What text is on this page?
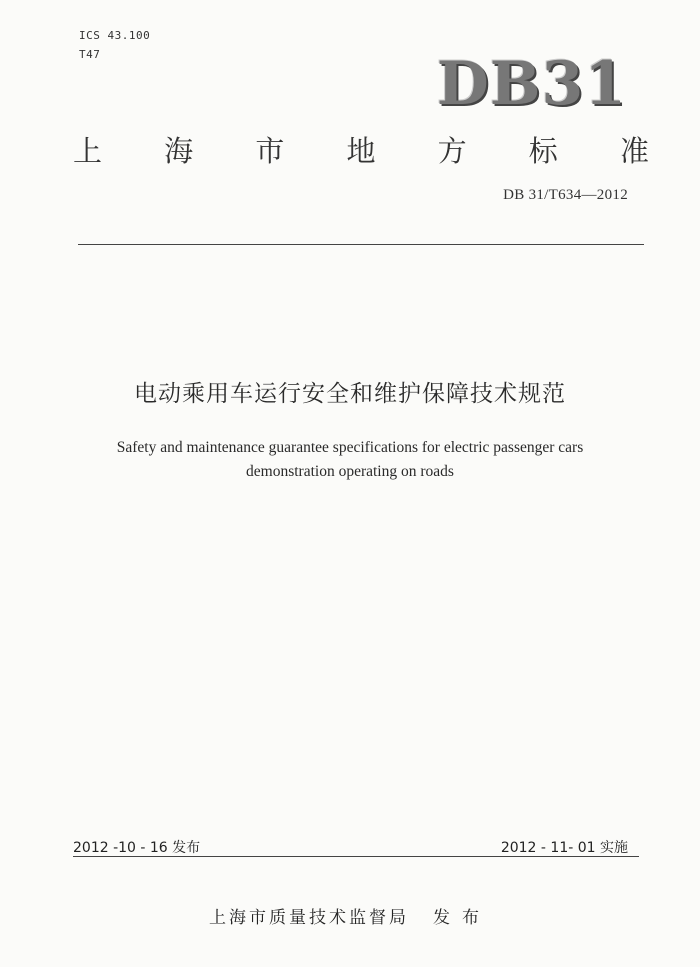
ICS 43.100
T47	DB31
上 海 市 地 方 标 准
DB 31/T634—2012
电动乘用车运行安全和维护保障技术规范
Safety and maintenance guarantee specifications for electric passenger cars
demonstration operating on roads
2012 -10 - 16 发布	2012 - 11- 01 实施
上海市质量技术监督局 发布
